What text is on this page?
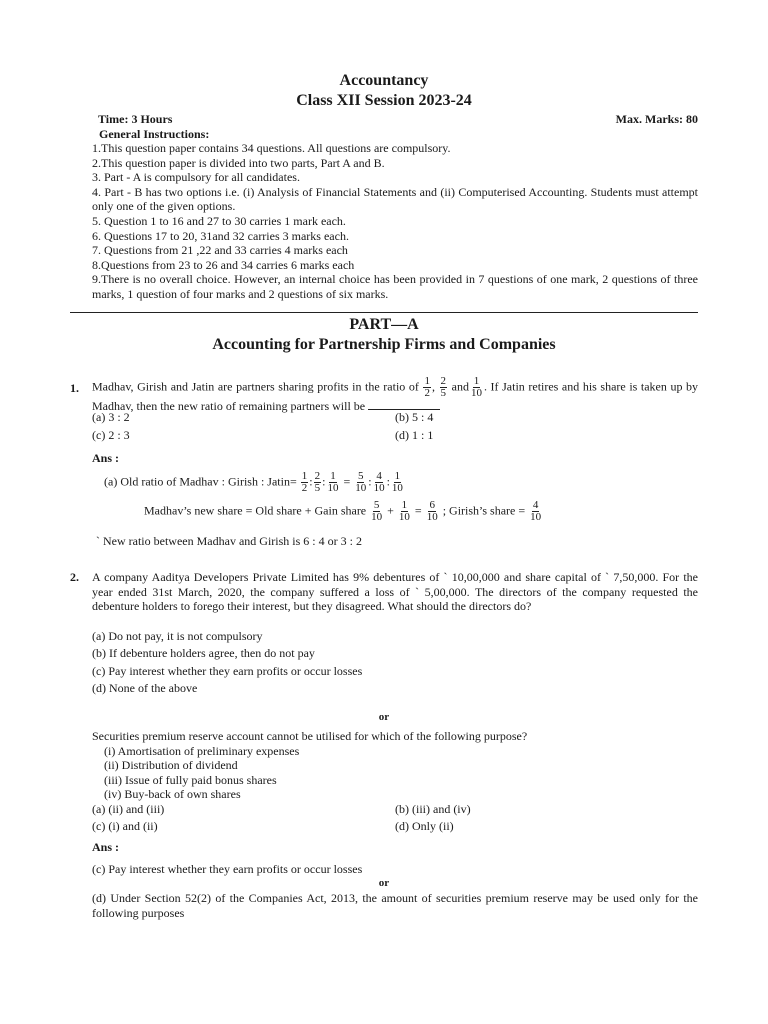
Accountancy
Class XII Session 2023-24
Time: 3 Hours	Max. Marks: 80
General Instructions:
1.This question paper contains 34 questions. All questions are compulsory.
2.This question paper is divided into two parts, Part A and B.
3. Part - A is compulsory for all candidates.
4. Part - B has two options i.e. (i) Analysis of Financial Statements and (ii) Computerised Accounting. Students must attempt only one of the given options.
5. Question 1 to 16 and 27 to 30 carries 1 mark each.
6. Questions 17 to 20, 31and 32 carries 3 marks each.
7. Questions from 21 ,22 and 33 carries 4 marks each
8.Questions from 23 to 26 and 34 carries 6 marks each
9.There is no overall choice. However, an internal choice has been provided in 7 questions of one mark, 2 questions of three marks, 1 question of four marks and 2 questions of six marks.
PART—A
Accounting for Partnership Firms and Companies
1. Madhav, Girish and Jatin are partners sharing profits in the ratio of $\frac{1}{2}$ , $\frac{2}{5}$ and $\frac{1}{10}$ . If Jatin retires and his share is taken up by Madhav, then the new ratio of remaining partners will be
(a) 3 : 2	(b) 5 : 4
(c) 2 : 3	(d) 1 : 1
Ans :
(a) Old ratio of Madhav : Girish : Jatin= $\frac{1}{2}$ : $\frac{2}{5}$ : $\frac{1}{10} = \frac{5}{10}$ : $\frac{4}{10}$ : $\frac{1}{10}$
Madhav’s new share = Old share + Gain share $\frac{5}{10} + \frac{1}{10} = \frac{6}{10}$ ; Girish’s share = $\frac{4}{10}$
` New ratio between Madhav and Girish is 6 : 4 or 3 : 2
2. A company Aaditya Developers Private Limited has 9% debentures of ` 10,00,000 and share capital of ` 7,50,000. For the year ended 31st March, 2020, the company suffered a loss of ` 5,00,000. The directors of the company requested the debenture holders to forego their interest, but they disagreed. What should the directors do?
(a) Do not pay, it is not compulsory
(b) If debenture holders agree, then do not pay
(c) Pay interest whether they earn profits or occur losses
(d) None of the above
or
Securities premium reserve account cannot be utilised for which of the following purpose?
(i) Amortisation of preliminary expenses
(ii) Distribution of dividend
(iii) Issue of fully paid bonus shares
(iv) Buy-back of own shares
(a) (ii) and (iii)	(b) (iii) and (iv)
(c) (i) and (ii)	(d) Only (ii)
Ans :
(c) Pay interest whether they earn profits or occur losses
or
(d) Under Section 52(2) of the Companies Act, 2013, the amount of securities premium reserve may be used only for the following purposes
